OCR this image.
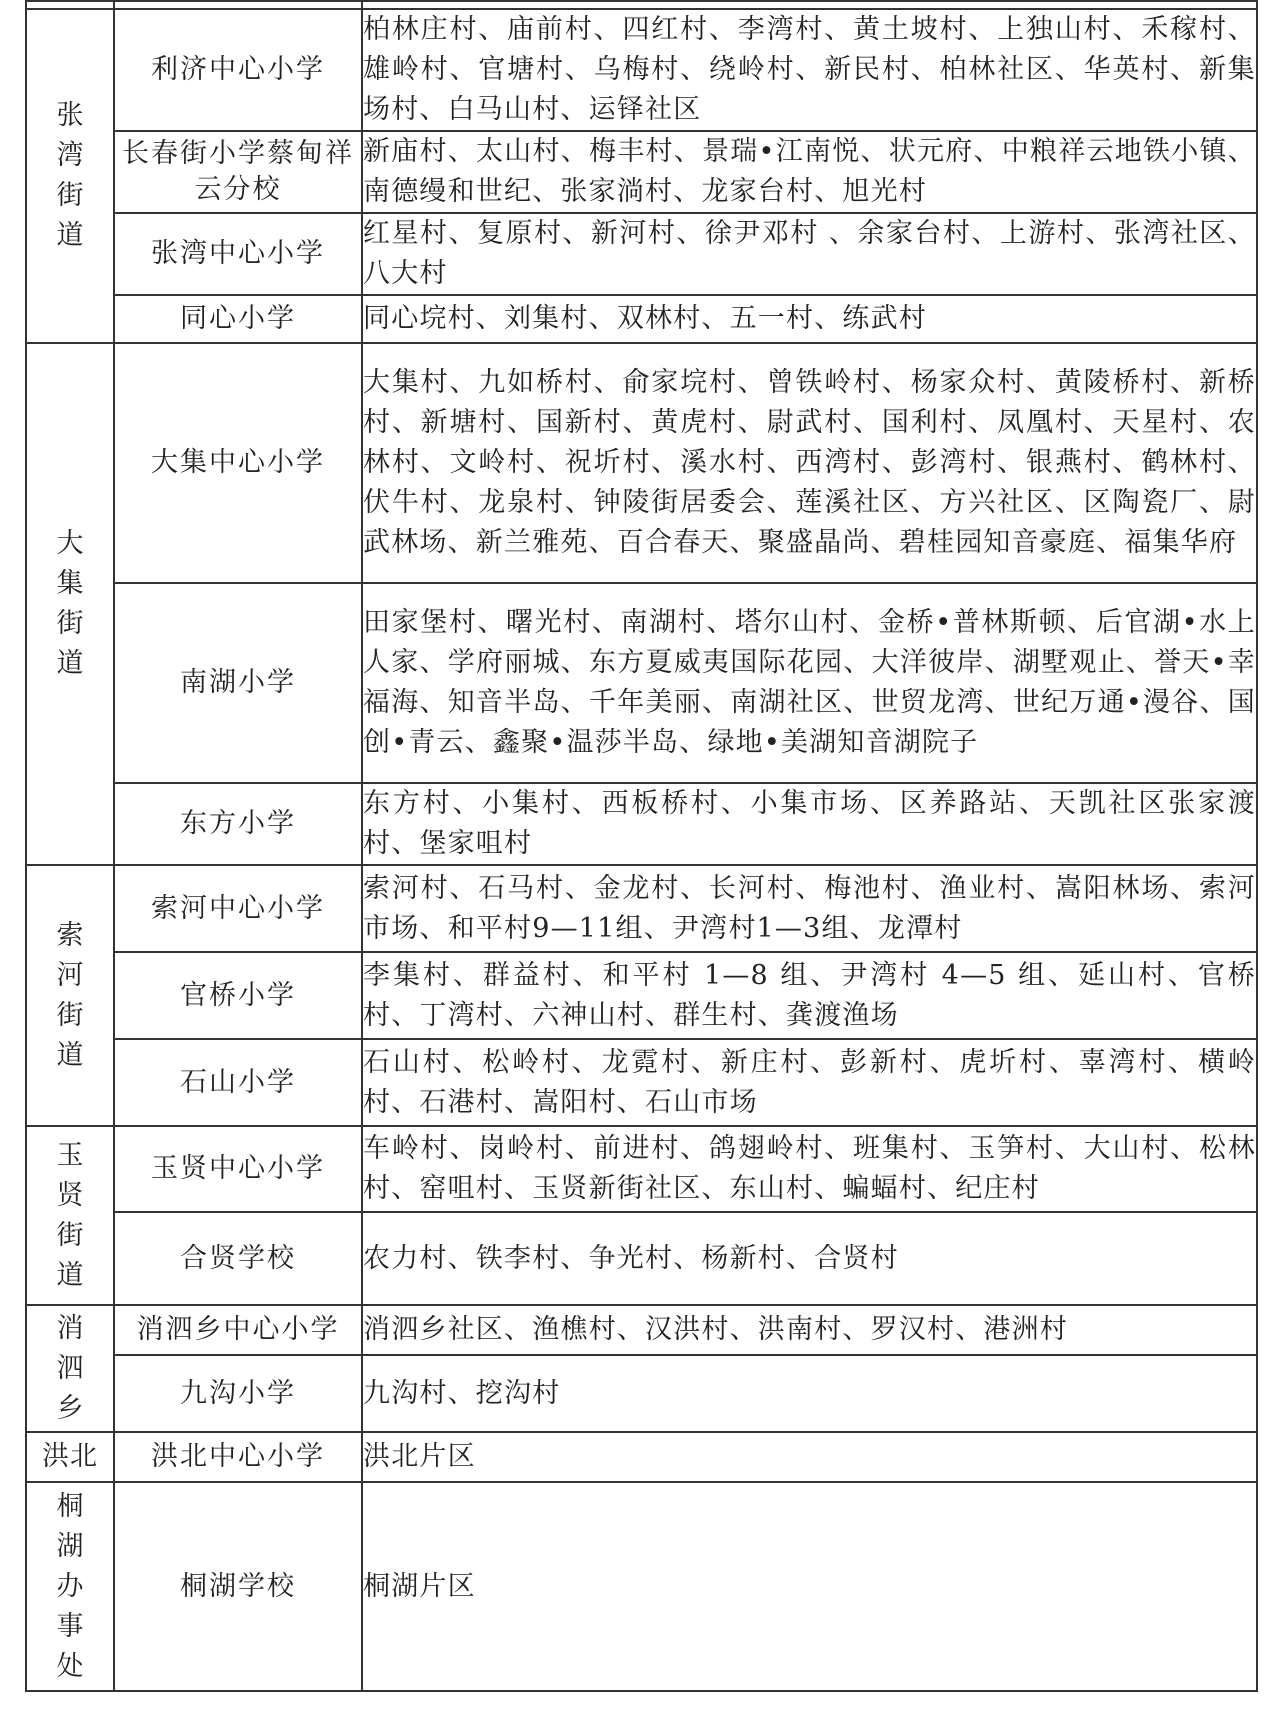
张湾街道	利济中心小学	柏林庄村、庙前村、四红村、李湾村、黄土坡村、上独山村、禾稼村、雄岭村、官塘村、乌梅村、绕岭村、新民村、柏林社区、华英村、新集场村、白马山村、运铎社区
	长春街小学蔡甸祥云分校	新庙村、太山村、梅丰村、景瑞•江南悦、状元府、中粮祥云地铁小镇、南德缦和世纪、张家淌村、龙家台村、旭光村
	张湾中心小学	红星村、复原村、新河村、徐尹邓村 、余家台村、上游村、张湾社区、八大村
	同心小学	同心垸村、刘集村、双林村、五一村、练武村
大集街道	大集中心小学	大集村、九如桥村、俞家垸村、曾铁岭村、杨家众村、黄陵桥村、新桥村、新塘村、国新村、黄虎村、尉武村、国利村、凤凰村、天星村、农林村、文岭村、祝圻村、溪水村、西湾村、彭湾村、银燕村、鹤林村、伏牛村、龙泉村、钟陵街居委会、莲溪社区、方兴社区、区陶瓷厂、尉武林场、新兰雅苑、百合春天、聚盛晶尚、碧桂园知音豪庭、福集华府
	南湖小学	田家堡村、曙光村、南湖村、塔尔山村、金桥•普林斯顿、后官湖•水上人家、学府丽城、东方夏威夷国际花园、大洋彼岸、湖墅观止、誉天•幸福海、知音半岛、千年美丽、南湖社区、世贸龙湾、世纪万通•漫谷、国创•青云、鑫聚•温莎半岛、绿地•美湖知音湖院子
	东方小学	东方村、小集村、西板桥村、小集市场、区养路站、天凯社区张家渡村、堡家咀村
索河街道	索河中心小学	索河村、石马村、金龙村、长河村、梅池村、渔业村、嵩阳林场、索河市场、和平村9—11组、尹湾村1—3组、龙潭村
	官桥小学	李集村、群益村、和平村 1—8 组、尹湾村 4—5 组、延山村、官桥村、丁湾村、六神山村、群生村、龚渡渔场
	石山小学	石山村、松岭村、龙霓村、新庄村、彭新村、虎圻村、辜湾村、横岭村、石港村、嵩阳村、石山市场
玉贤街道	玉贤中心小学	车岭村、岗岭村、前进村、鸽翅岭村、班集村、玉笋村、大山村、松林村、窑咀村、玉贤新街社区、东山村、蝙蝠村、纪庄村
	合贤学校	农力村、铁李村、争光村、杨新村、合贤村
消泗乡	消泗乡中心小学	消泗乡社区、渔樵村、汉洪村、洪南村、罗汉村、港洲村
	九沟小学	九沟村、挖沟村
洪北	洪北中心小学	洪北片区
桐湖办事处	桐湖学校	桐湖片区
